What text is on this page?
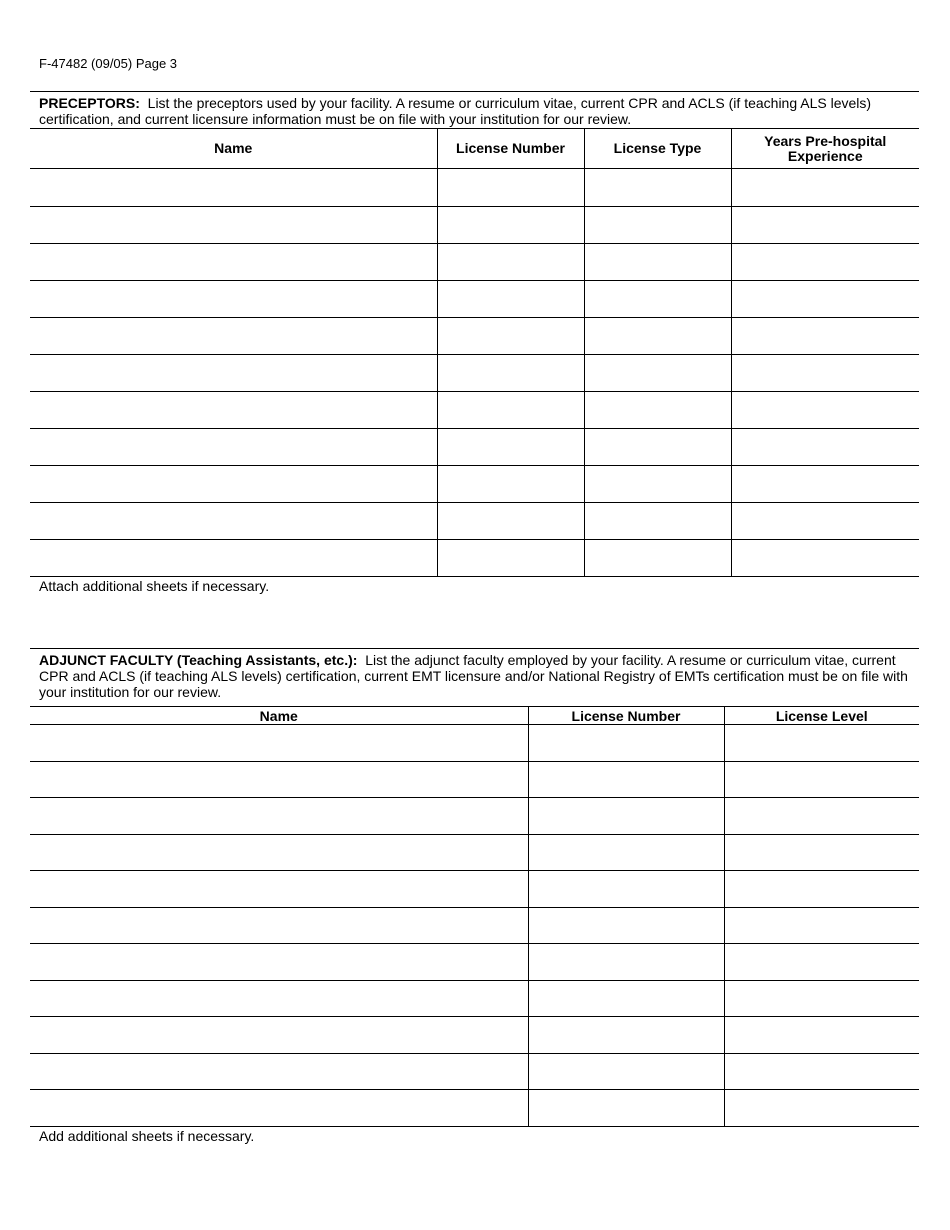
F-47482 (09/05) Page 3

PRECEPTORS: List the preceptors used by your facility. A resume or curriculum vitae, current CPR and ACLS (if teaching ALS levels) certification, and current licensure information must be on file with your institution for our review.

Name	License Number	License Type	Years Pre-hospital Experience

Attach additional sheets if necessary.

ADJUNCT FACULTY (Teaching Assistants, etc.): List the adjunct faculty employed by your facility. A resume or curriculum vitae, current CPR and ACLS (if teaching ALS levels) certification, current EMT licensure and/or National Registry of EMTs certification must be on file with your institution for our review.

Name	License Number	License Level

Add additional sheets if necessary.
